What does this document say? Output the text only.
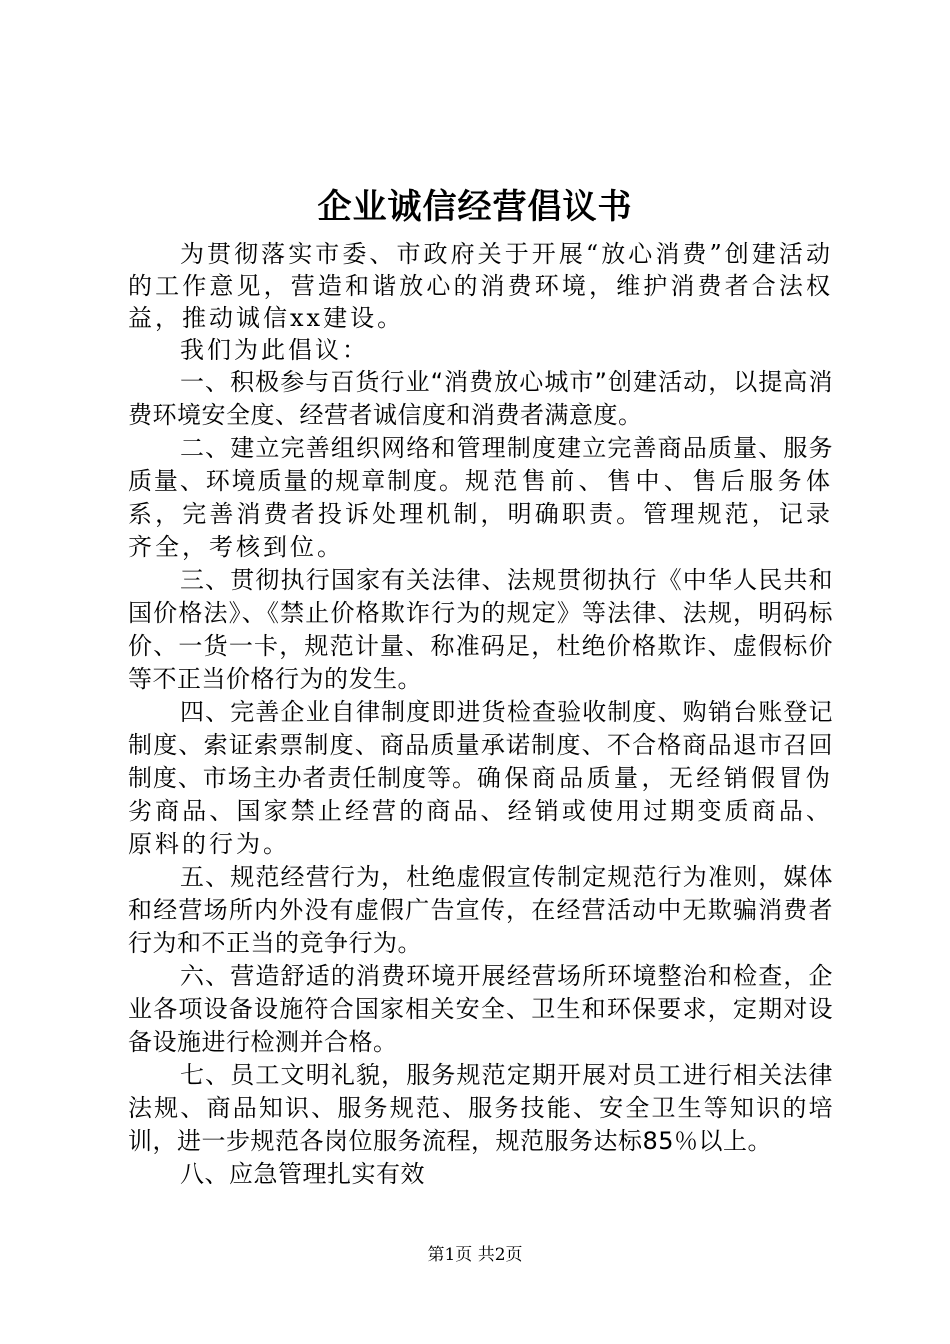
企业诚信经营倡议书

为贯彻落实市委、市政府关于开展“放心消费”创建活动的工作意见，营造和谐放心的消费环境，维护消费者合法权益，推动诚信xx建设。

我们为此倡议：

一、积极参与百货行业“消费放心城市”创建活动，以提高消费环境安全度、经营者诚信度和消费者满意度。

二、建立完善组织网络和管理制度建立完善商品质量、服务质量、环境质量的规章制度。规范售前、售中、售后服务体系，完善消费者投诉处理机制，明确职责。管理规范，记录齐全，考核到位。

三、贯彻执行国家有关法律、法规贯彻执行《中华人民共和国价格法》、《禁止价格欺诈行为的规定》等法律、法规，明码标价、一货一卡，规范计量、称准码足，杜绝价格欺诈、虚假标价等不正当价格行为的发生。

四、完善企业自律制度即进货检查验收制度、购销台账登记制度、索证索票制度、商品质量承诺制度、不合格商品退市召回制度、市场主办者责任制度等。确保商品质量，无经销假冒伪劣商品、国家禁止经营的商品、经销或使用过期变质商品、原料的行为。

五、规范经营行为，杜绝虚假宣传制定规范行为准则，媒体和经营场所内外没有虚假广告宣传，在经营活动中无欺骗消费者行为和不正当的竞争行为。

六、营造舒适的消费环境开展经营场所环境整治和检查，企业各项设备设施符合国家相关安全、卫生和环保要求，定期对设备设施进行检测并合格。

七、员工文明礼貌，服务规范定期开展对员工进行相关法律法规、商品知识、服务规范、服务技能、安全卫生等知识的培训，进一步规范各岗位服务流程，规范服务达标85％以上。

八、应急管理扎实有效

第1页 共2页
